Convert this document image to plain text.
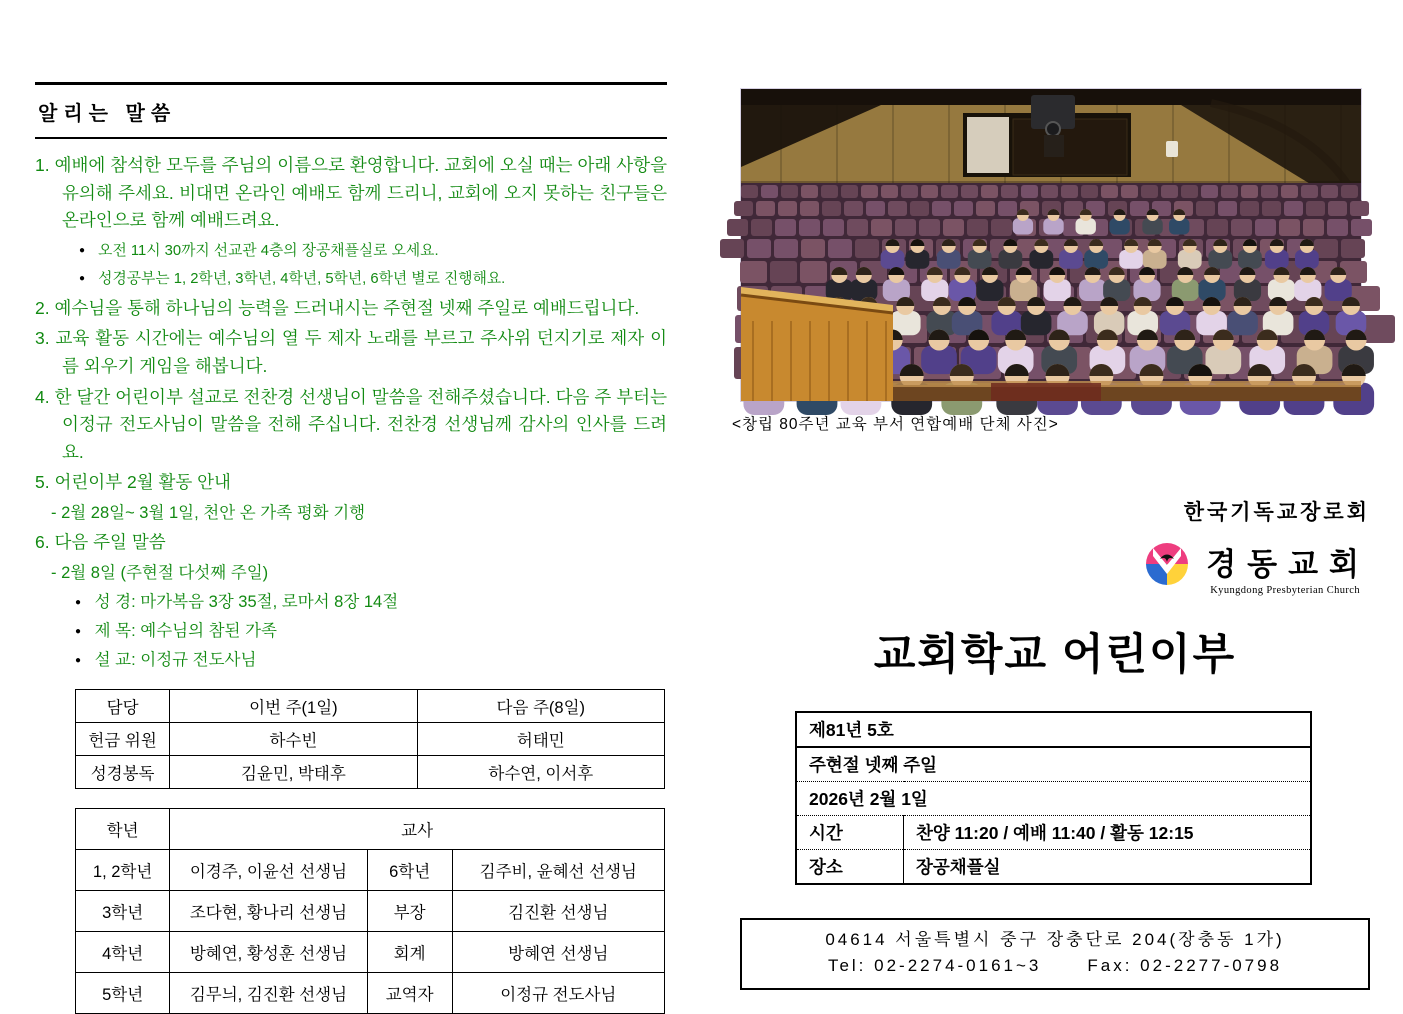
알리는 말씀

1. 예배에 참석한 모두를 주님의 이름으로 환영합니다. 교회에 오실 때는 아래 사항을 유의해 주세요. 비대면 온라인 예배도 함께 드리니, 교회에 오지 못하는 친구들은 온라인으로 함께 예배드려요.

● 오전 11시 30까지 선교관 4층의 장공채플실로 오세요.

● 성경공부는 1, 2학년, 3학년, 4학년, 5학년, 6학년 별로 진행해요.

2. 예수님을 통해 하나님의 능력을 드러내시는 주현절 넷째 주일로 예배드립니다.

3. 교육 활동 시간에는 예수님의 열 두 제자 노래를 부르고 주사위 던지기로 제자 이름 외우기 게임을 해봅니다.

4. 한 달간 어린이부 설교로 전찬경 선생님이 말씀을 전해주셨습니다. 다음 주 부터는 이정규 전도사님이 말씀을 전해 주십니다. 전찬경 선생님께 감사의 인사를 드려요.

5. 어린이부 2월 활동 안내

- 2월 28일~ 3월 1일, 천안 온 가족 평화 기행

6. 다음 주일 말씀

- 2월 8일 (주현절 다섯째 주일)

● 성 경: 마가복음 3장 35절, 로마서 8장 14절

● 제 목: 예수님의 참된 가족

● 설 교: 이정규 전도사님

담당	이번 주(1일)	다음 주(8일)
헌금 위원	하수빈	허태민
성경봉독	김윤민, 박태후	하수연, 이서후
학년	교사		
1, 2학년	이경주, 이윤선 선생님	6학년	김주비, 윤혜선 선생님
3학년	조다현, 황나리 선생님	부장	김진환 선생님
4학년	방혜연, 황성훈 선생님	회계	방혜연 선생님
5학년	김무늬, 김진환 선생님	교역자	이정규 전도사님
<창립 80주년 교육 부서 연합예배 단체 사진>
한국기독교장로회
경동교회
Kyungdong Presbyterian Church
교회학교 어린이부
제81년 5호	
주현절 넷째 주일	
2026년 2월 1일	
시간	찬양 11:20 / 예배 11:40 / 활동 12:15
장소	장공채플실
04614 서울특별시 중구 장충단로 204(장충동 1가)
Tel: 02-2274-0161~3	Fax: 02-2277-0798
